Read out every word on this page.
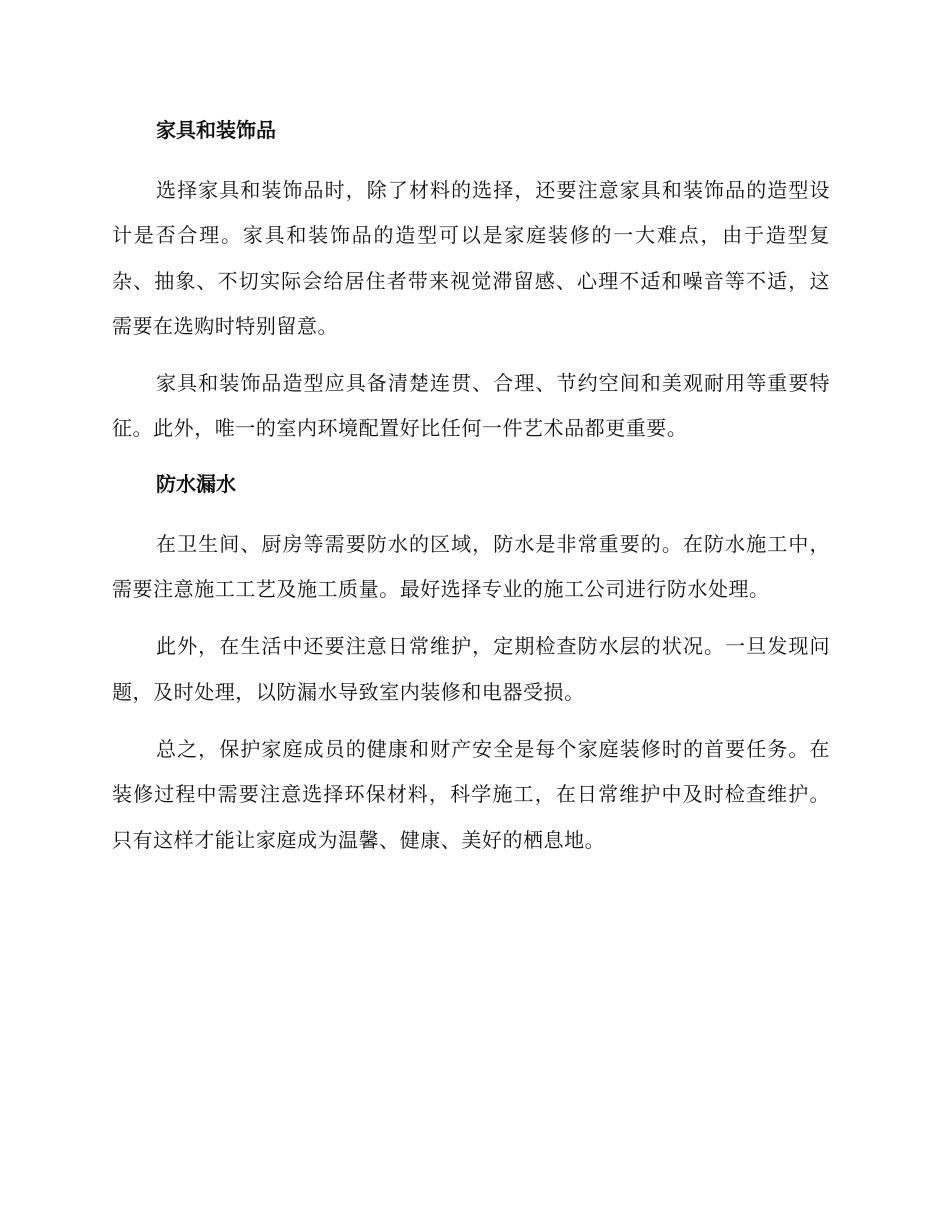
家具和装饰品

选择家具和装饰品时，除了材料的选择，还要注意家具和装饰品的造型设计是否合理。家具和装饰品的造型可以是家庭装修的一大难点，由于造型复杂、抽象、不切实际会给居住者带来视觉滞留感、心理不适和噪音等不适，这需要在选购时特别留意。

家具和装饰品造型应具备清楚连贯、合理、节约空间和美观耐用等重要特征。此外，唯一的室内环境配置好比任何一件艺术品都更重要。

防水漏水

在卫生间、厨房等需要防水的区域，防水是非常重要的。在防水施工中，需要注意施工工艺及施工质量。最好选择专业的施工公司进行防水处理。

此外，在生活中还要注意日常维护，定期检查防水层的状况。一旦发现问题，及时处理，以防漏水导致室内装修和电器受损。

总之，保护家庭成员的健康和财产安全是每个家庭装修时的首要任务。在装修过程中需要注意选择环保材料，科学施工，在日常维护中及时检查维护。只有这样才能让家庭成为温馨、健康、美好的栖息地。
